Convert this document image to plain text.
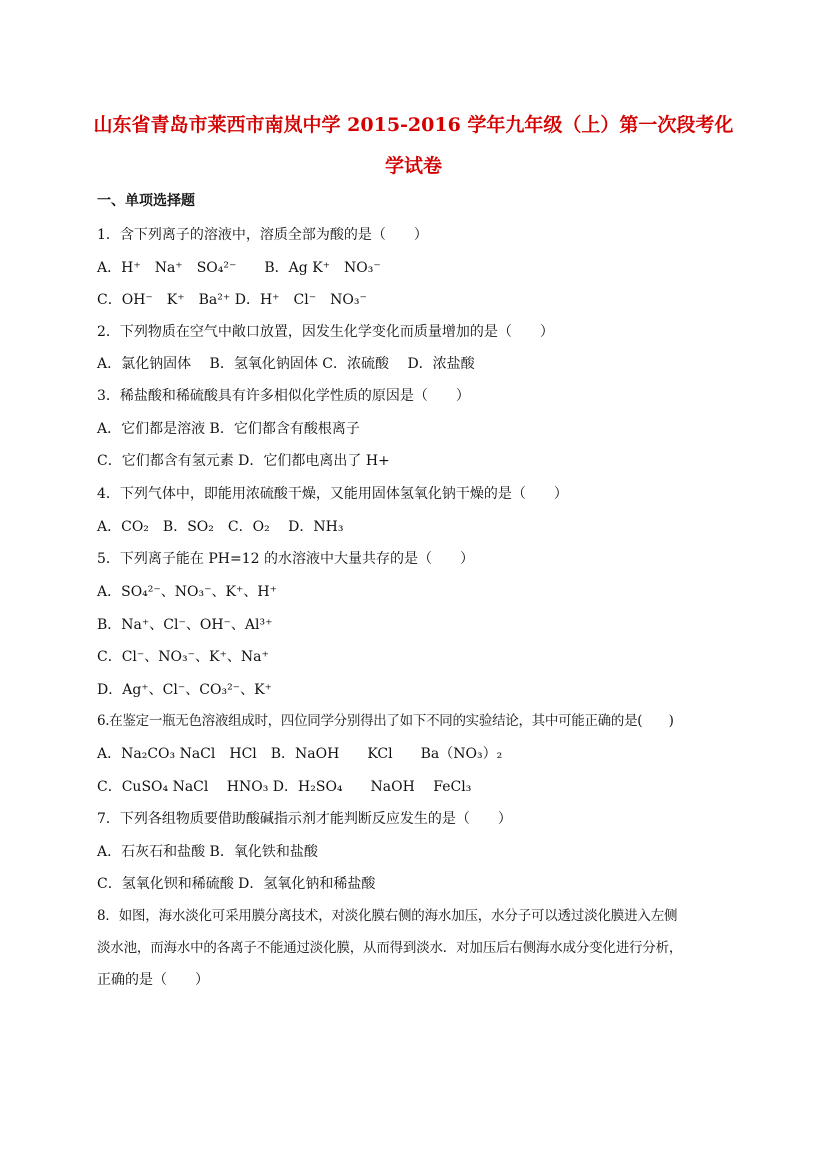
山东省青岛市莱西市南岚中学 2015-2016 学年九年级（上）第一次段考化
学试卷
一、单项选择题
1．含下列离子的溶液中，溶质全部为酸的是（　　）
A．H⁺　Na⁺　SO₄²⁻　　B．Ag K⁺　NO₃⁻
C．OH⁻　K⁺　Ba²⁺ D．H⁺　Cl⁻　NO₃⁻
2．下列物质在空气中敞口放置，因发生化学变化而质量增加的是（　　）
A．氯化钠固体　 B．氢氧化钠固体 C．浓硫酸　 D．浓盐酸
3．稀盐酸和稀硫酸具有许多相似化学性质的原因是（　　）
A．它们都是溶液 B．它们都含有酸根离子
C．它们都含有氢元素 D．它们都电离出了 H+
4．下列气体中，即能用浓硫酸干燥，又能用固体氢氧化钠干燥的是（　　）
A．CO₂　B．SO₂　C．O₂　 D．NH₃
5．下列离子能在 PH=12 的水溶液中大量共存的是（　　）
A．SO₄²⁻、NO₃⁻、K⁺、H⁺
B．Na⁺、Cl⁻、OH⁻、Al³⁺
C．Cl⁻、NO₃⁻、K⁺、Na⁺
D．Ag⁺、Cl⁻、CO₃²⁻、K⁺
6.在鉴定一瓶无色溶液组成时，四位同学分别得出了如下不同的实验结论，其中可能正确的是(　　)
A．Na₂CO₃ NaCl　HCl　B．NaOH　　KCl　　Ba（NO₃）₂
C．CuSO₄ NaCl　 HNO₃ D．H₂SO₄　　NaOH　 FeCl₃
7．下列各组物质要借助酸碱指示剂才能判断反应发生的是（　　）
A．石灰石和盐酸 B．氧化铁和盐酸
C．氢氧化钡和稀硫酸 D．氢氧化钠和稀盐酸
8．如图，海水淡化可采用膜分离技术，对淡化膜右侧的海水加压，水分子可以透过淡化膜进入左侧
淡水池，而海水中的各离子不能通过淡化膜，从而得到淡水．对加压后右侧海水成分变化进行分析，
正确的是（　　）
